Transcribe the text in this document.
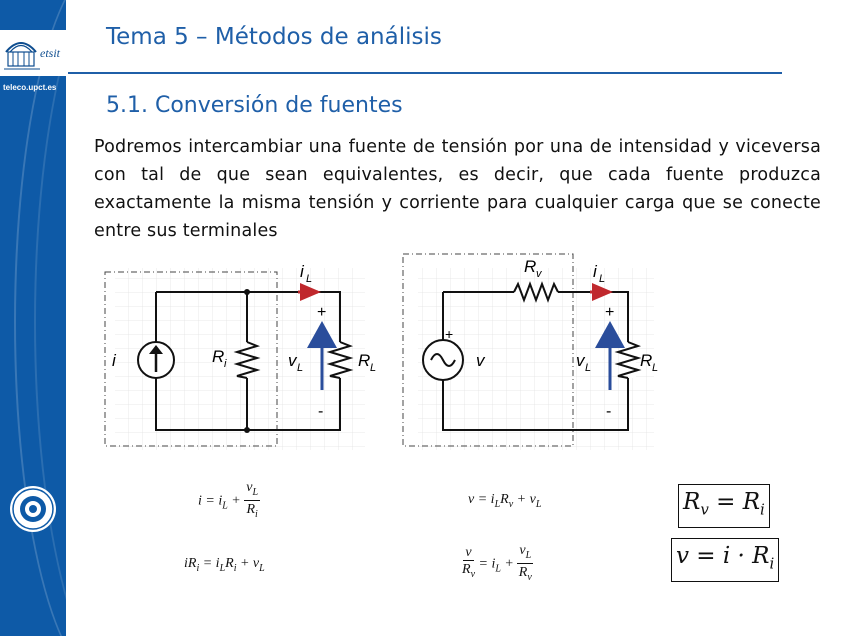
etsit
teleco.upct.es
Tema 5 – Métodos de análisis
5.1. Conversión de fuentes
Podremos intercambiar una fuente de tensión por una de intensidad y viceversa con tal de que sean equivalentes, es decir, que cada fuente produzca exactamente la misma tensión y corriente para cualquier carga que se conecte entre sus terminales
i	R i	v L	R L
i L
+
-
+
v
R v
v L	R L
i L
+
-
$i = i_L + \frac{v_L}{R_i}$
$iR_i = i_LR_i + v_L$
$v = i_LR_v + v_L$
$\frac{v}{R_v} = i_L + \frac{v_L}{R_v}$
$R_v = R_i$
$v = i \cdot R_i$
